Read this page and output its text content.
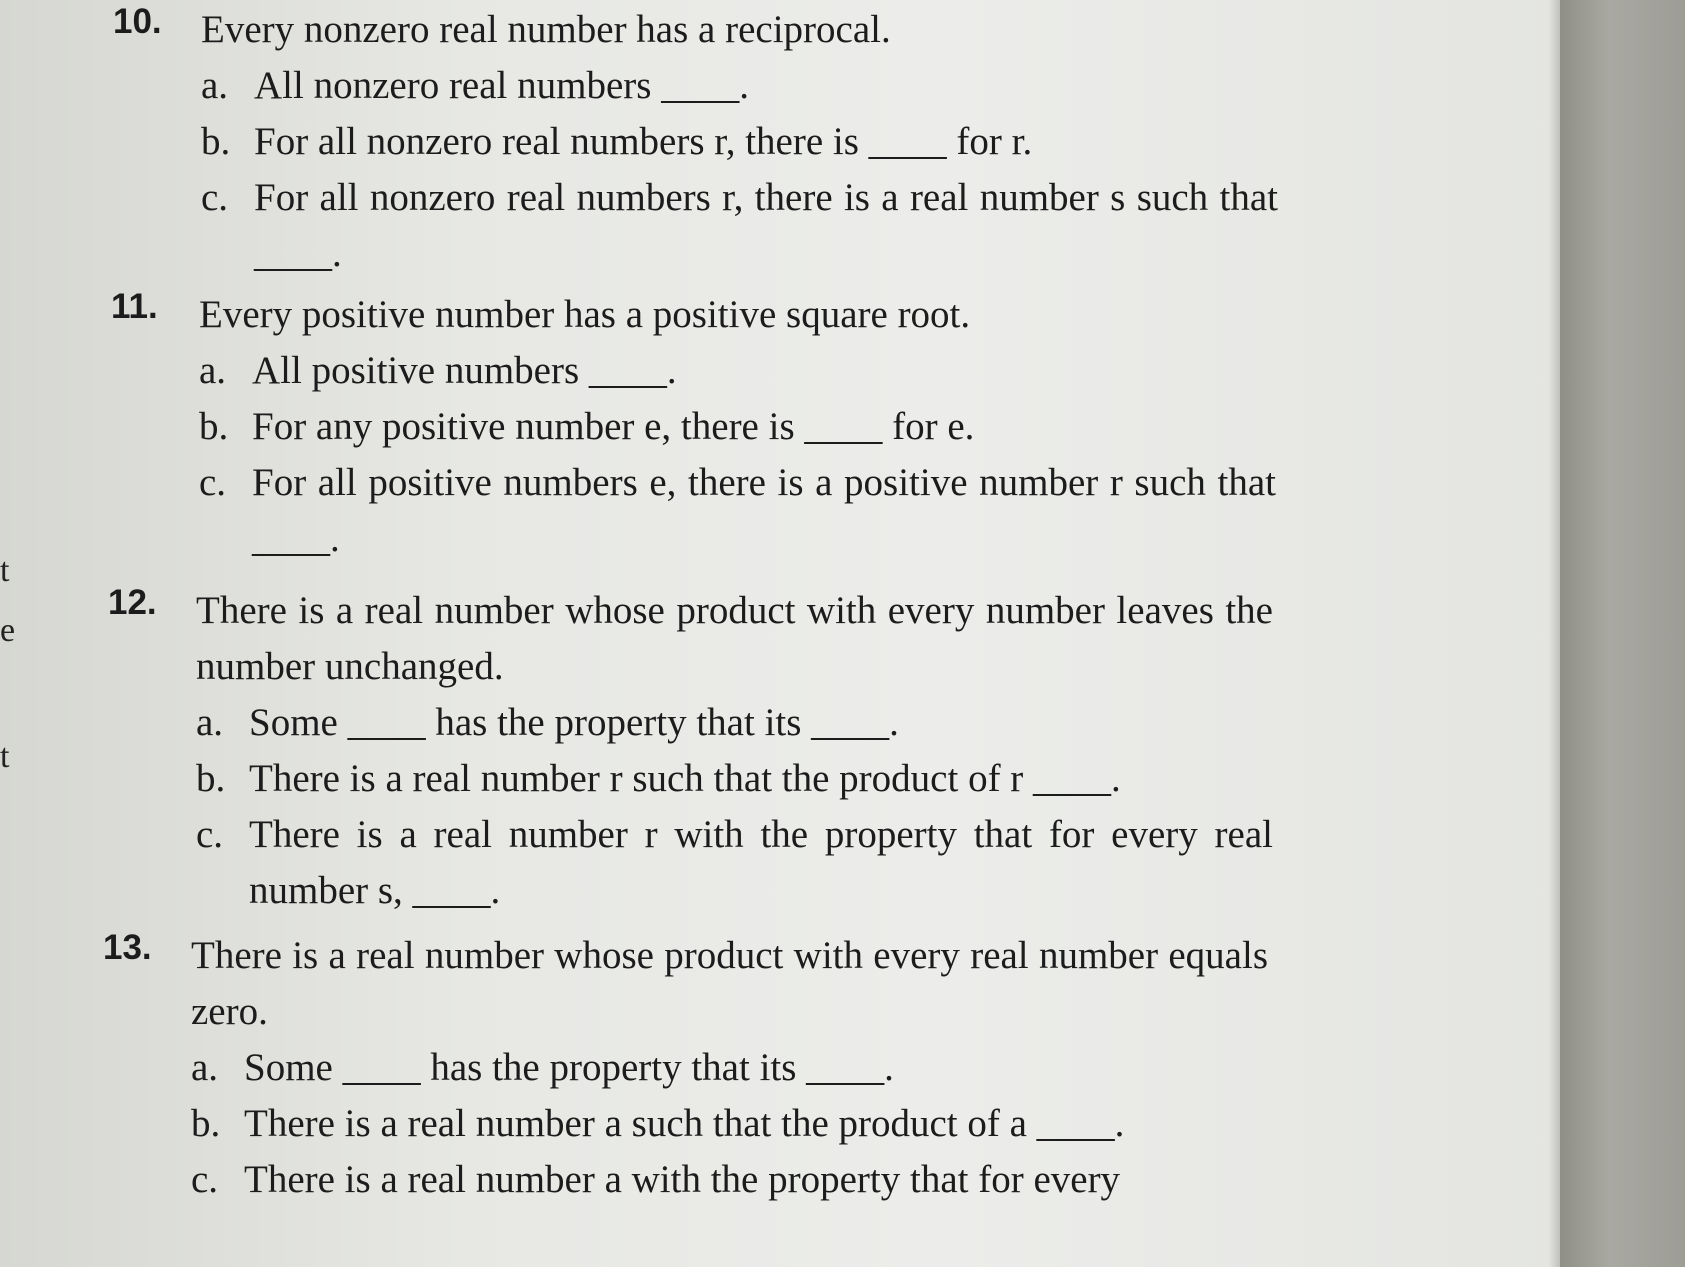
t
e
t
10. Every nonzero real number has a reciprocal.
a. All nonzero real numbers ____.
b. For all nonzero real numbers r, there is ____ for r.
c. For all nonzero real numbers r, there is a real number s such that ____.
11. Every positive number has a positive square root.
a. All positive numbers ____.
b. For any positive number e, there is ____ for e.
c. For all positive numbers e, there is a positive number r such that ____.
12. There is a real number whose product with every number leaves the number unchanged.
a. Some ____ has the property that its ____.
b. There is a real number r such that the product of r ____.
c. There is a real number r with the property that for every real number s, ____.
13. There is a real number whose product with every real number equals zero.
a. Some ____ has the property that its ____.
b. There is a real number a such that the product of a ____.
c. There is a real number a with the property that for every
